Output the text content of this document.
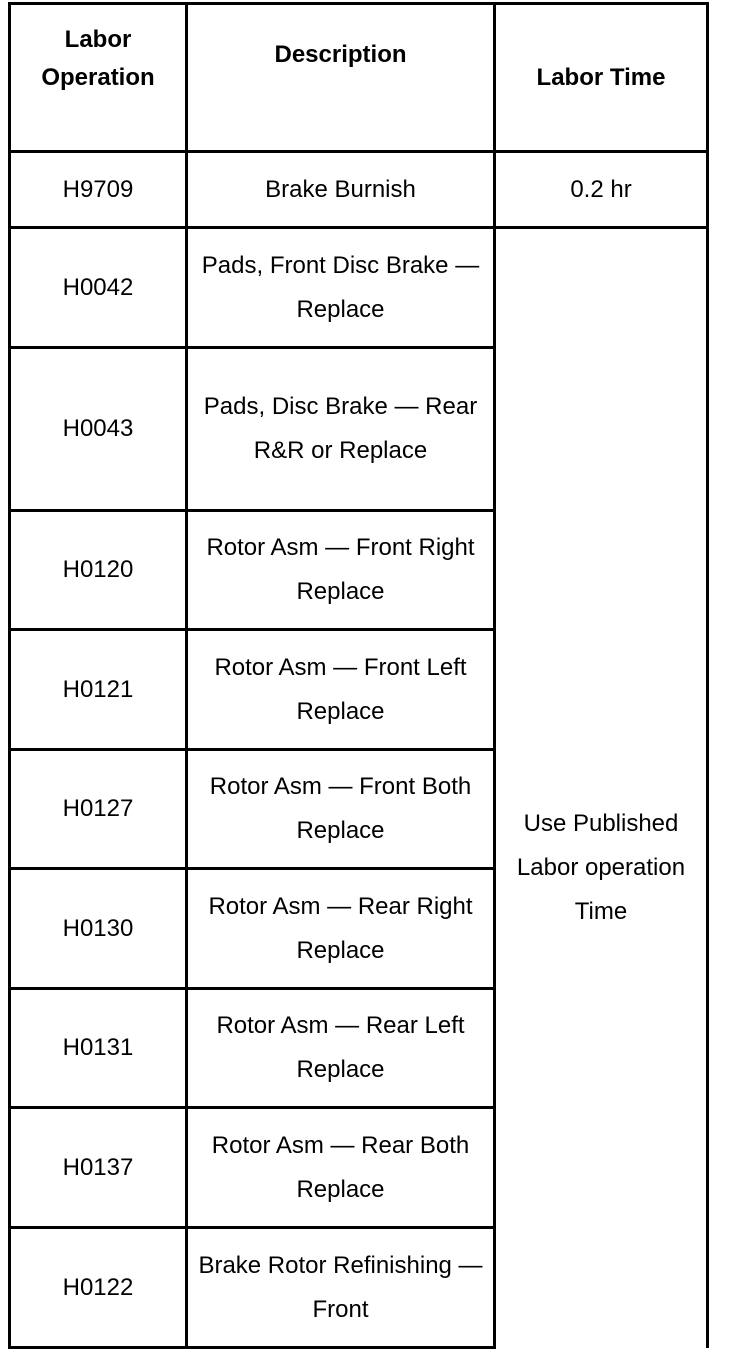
Labor Operation	Description	Labor Time
H9709	Brake Burnish	0.2 hr
H0042	Pads, Front Disc Brake — Replace	Use Published Labor operation Time
H0043	Pads, Disc Brake — Rear R&R or Replace	
H0120	Rotor Asm — Front Right Replace	
H0121	Rotor Asm — Front Left Replace	
H0127	Rotor Asm — Front Both Replace	
H0130	Rotor Asm — Rear Right Replace	
H0131	Rotor Asm — Rear Left Replace	
H0137	Rotor Asm — Rear Both Replace	
H0122	Brake Rotor Refinishing — Front	
